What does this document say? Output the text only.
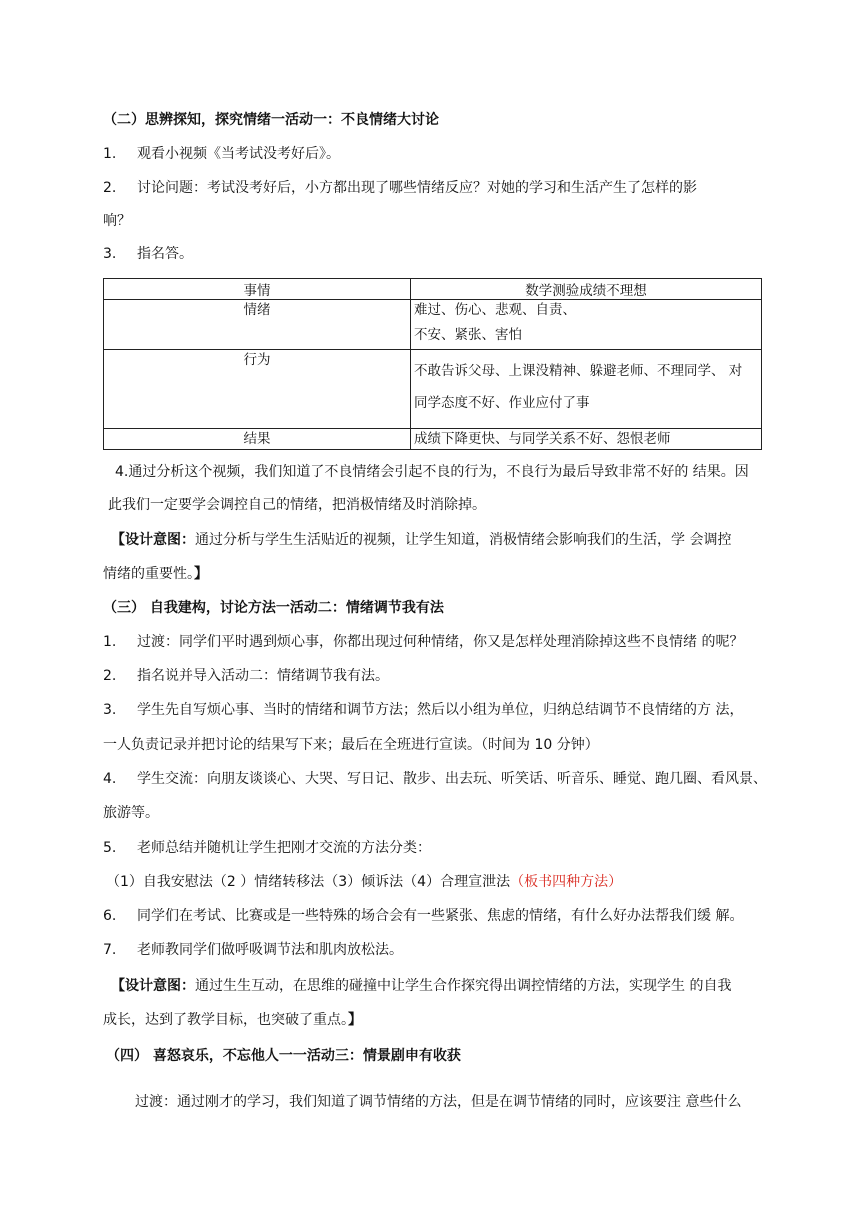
（二）思辨探知，探究情绪一活动一：不良情绪大讨论
1. 观看小视频《当考试没考好后》。
2. 讨论问题：考试没考好后，小方都出现了哪些情绪反应？对她的学习和生活产生了怎样的影
响？
3. 指名答。
事情	数学测验成绩不理想

情绪	难过、伤心、悲观、自责、
不安、紧张、害怕

行为	不敢告诉父母、上课没精神、躲避老师、不理同学、 对
同学态度不好、作业应付了事

结果	成绩下降更快、与同学关系不好、怨恨老师
4.通过分析这个视频，我们知道了不良情绪会引起不良的行为，不良行为最后导致非常不好的 结果。因
此我们一定要学会调控自己的情绪，把消极情绪及时消除掉。
【设计意图：通过分析与学生生活贴近的视频，让学生知道，消极情绪会影响我们的生活，学 会调控
情绪的重要性。】
（三） 自我建构，讨论方法一活动二：情绪调节我有法
1. 过渡：同学们平时遇到烦心事，你都出现过何种情绪，你又是怎样处理消除掉这些不良情绪 的呢？
2. 指名说并导入活动二：情绪调节我有法。
3. 学生先自写烦心事、当时的情绪和调节方法；然后以小组为单位，归纳总结调节不良情绪的方 法，
一人负责记录并把讨论的结果写下来；最后在全班进行宣读。（时间为 10 分钟）
4. 学生交流：向朋友谈谈心、大哭、写日记、散步、出去玩、听笑话、听音乐、睡觉、跑几圈、看风景、
旅游等。
5. 老师总结并随机让学生把刚才交流的方法分类：
（1）自我安慰法（2 ）情绪转移法（3）倾诉法（4）合理宣泄法（板书四种方法）
6. 同学们在考试、比赛或是一些特殊的场合会有一些紧张、焦虑的情绪，有什么好办法帮我们缓 解。
7. 老师教同学们做呼吸调节法和肌肉放松法。
【设计意图：通过生生互动，在思维的碰撞中让学生合作探究得出调控情绪的方法，实现学生 的自我
成长，达到了教学目标，也突破了重点。】
（四） 喜怒哀乐，不忘他人一一活动三：情景剧申有收获
过渡：通过刚才的学习，我们知道了调节情绪的方法，但是在调节情绪的同时，应该要注 意些什么
